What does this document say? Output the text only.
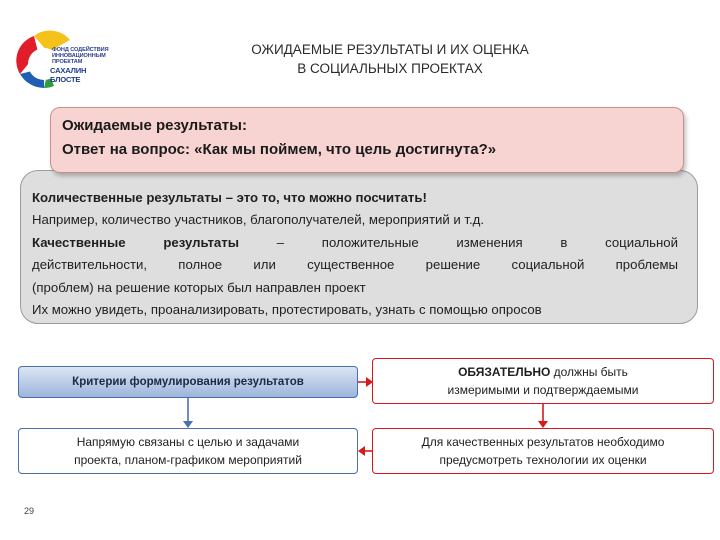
ФОНД СОДЕЙСТВИЯ
ИННОВАЦИОННЫМ ПРОЕКТАМ
САХАЛИН БЛОСТЕ
ОЖИДАЕМЫЕ РЕЗУЛЬТАТЫ И ИХ ОЦЕНКА
В СОЦИАЛЬНЫХ ПРОЕКТАХ
Количественные результаты – это то, что можно посчитать!
Например, количество участников, благополучателей, мероприятий и т.д.
Качественные	результаты	–	положительные	изменения	в	социальной
действительности, полное или существенное решение социальной проблемы
(проблем) на решение которых был направлен проект
Их можно увидеть, проанализировать, протестировать, узнать с помощью опросов
Ожидаемые результаты:
Ответ на вопрос: «Как мы поймем, что цель достигнута?»
Критерии формулирования результатов
ОБЯЗАТЕЛЬНО должны быть
измеримыми и подтверждаемыми
Напрямую связаны с целью и задачами
проекта, планом-графиком мероприятий
Для качественных результатов необходимо
предусмотреть технологии их оценки
29
